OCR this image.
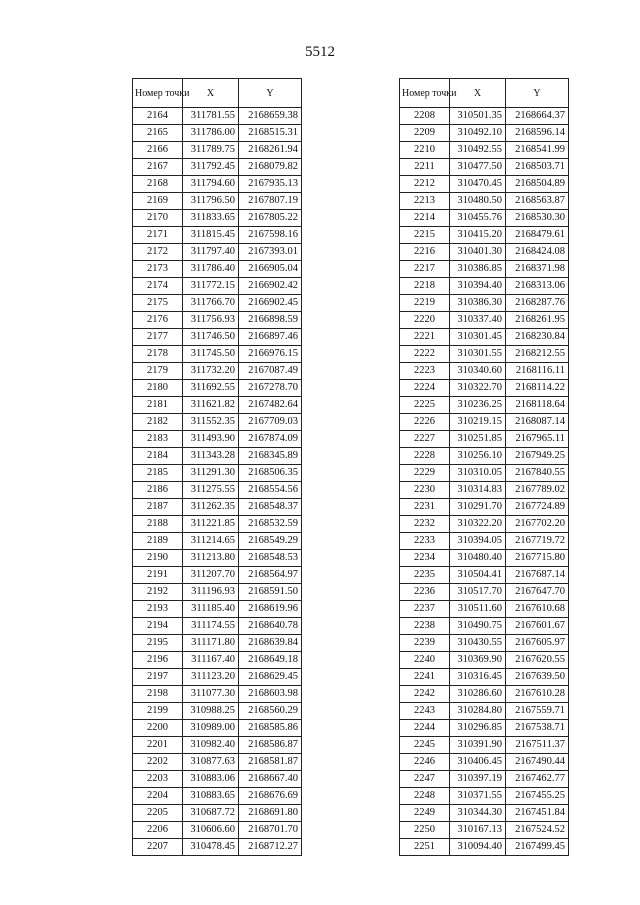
5512
Номер точки	X	Y
2164	311781.55	2168659.38
2165	311786.00	2168515.31
2166	311789.75	2168261.94
2167	311792.45	2168079.82
2168	311794.60	2167935.13
2169	311796.50	2167807.19
2170	311833.65	2167805.22
2171	311815.45	2167598.16
2172	311797.40	2167393.01
2173	311786.40	2166905.04
2174	311772.15	2166902.42
2175	311766.70	2166902.45
2176	311756.93	2166898.59
2177	311746.50	2166897.46
2178	311745.50	2166976.15
2179	311732.20	2167087.49
2180	311692.55	2167278.70
2181	311621.82	2167482.64
2182	311552.35	2167709.03
2183	311493.90	2167874.09
2184	311343.28	2168345.89
2185	311291.30	2168506.35
2186	311275.55	2168554.56
2187	311262.35	2168548.37
2188	311221.85	2168532.59
2189	311214.65	2168549.29
2190	311213.80	2168548.53
2191	311207.70	2168564.97
2192	311196.93	2168591.50
2193	311185.40	2168619.96
2194	311174.55	2168640.78
2195	311171.80	2168639.84
2196	311167.40	2168649.18
2197	311123.20	2168629.45
2198	311077.30	2168603.98
2199	310988.25	2168560.29
2200	310989.00	2168585.86
2201	310982.40	2168586.87
2202	310877.63	2168581.87
2203	310883.06	2168667.40
2204	310883.65	2168676.69
2205	310687.72	2168691.80
2206	310606.60	2168701.70
2207	310478.45	2168712.27
Номер точки	X	Y
2208	310501.35	2168664.37
2209	310492.10	2168596.14
2210	310492.55	2168541.99
2211	310477.50	2168503.71
2212	310470.45	2168504.89
2213	310480.50	2168563.87
2214	310455.76	2168530.30
2215	310415.20	2168479.61
2216	310401.30	2168424.08
2217	310386.85	2168371.98
2218	310394.40	2168313.06
2219	310386.30	2168287.76
2220	310337.40	2168261.95
2221	310301.45	2168230.84
2222	310301.55	2168212.55
2223	310340.60	2168116.11
2224	310322.70	2168114.22
2225	310236.25	2168118.64
2226	310219.15	2168087.14
2227	310251.85	2167965.11
2228	310256.10	2167949.25
2229	310310.05	2167840.55
2230	310314.83	2167789.02
2231	310291.70	2167724.89
2232	310322.20	2167702.20
2233	310394.05	2167719.72
2234	310480.40	2167715.80
2235	310504.41	2167687.14
2236	310517.70	2167647.70
2237	310511.60	2167610.68
2238	310490.75	2167601.67
2239	310430.55	2167605.97
2240	310369.90	2167620.55
2241	310316.45	2167639.50
2242	310286.60	2167610.28
2243	310284.80	2167559.71
2244	310296.85	2167538.71
2245	310391.90	2167511.37
2246	310406.45	2167490.44
2247	310397.19	2167462.77
2248	310371.55	2167455.25
2249	310344.30	2167451.84
2250	310167.13	2167524.52
2251	310094.40	2167499.45
